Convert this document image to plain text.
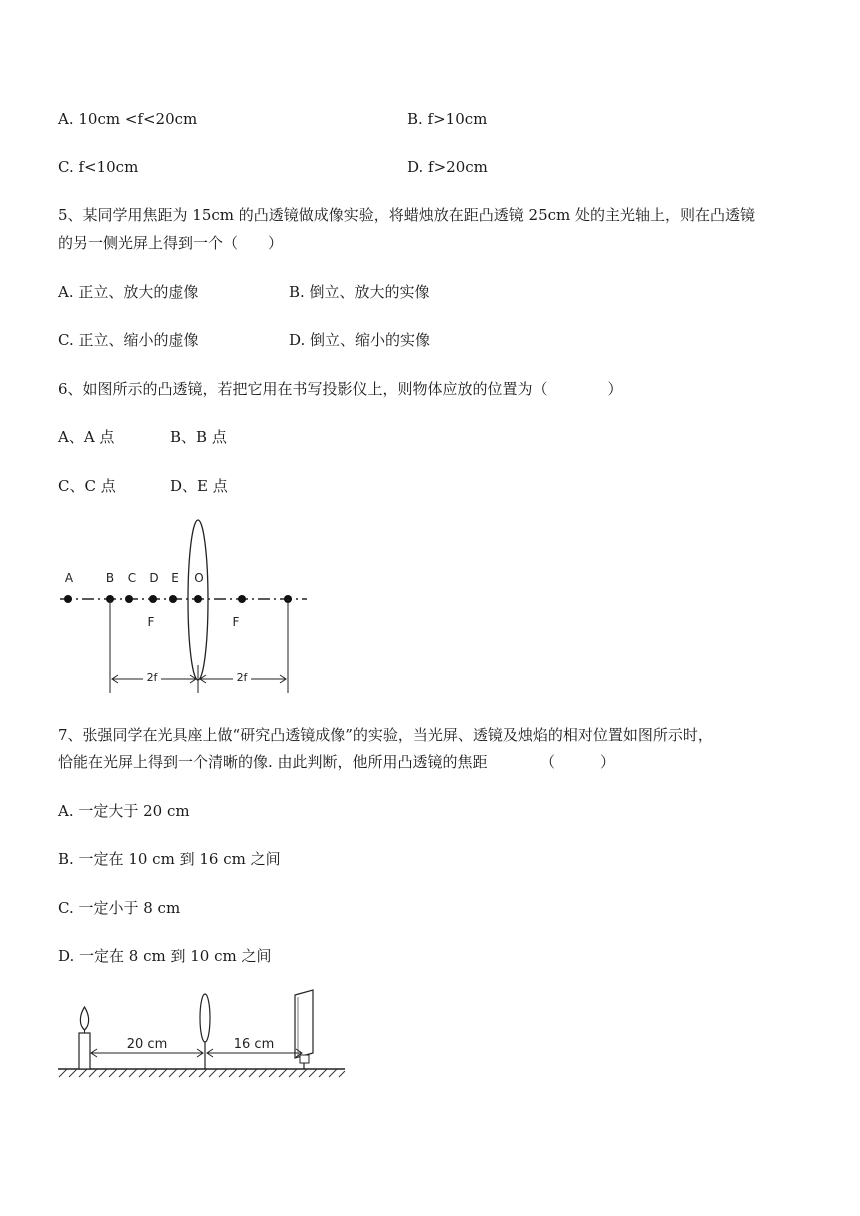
A. 10cm <f<20cm	B. f>10cm
C. f<10cm	D. f>20cm
5、某同学用焦距为 15cm 的凸透镜做成像实验，将蜡烛放在距凸透镜 25cm 处的主光轴上，则在凸透镜
的另一侧光屏上得到一个（　　）
A. 正立、放大的虚像	B. 倒立、放大的实像
C. 正立、缩小的虚像	D. 倒立、缩小的实像
6、如图所示的凸透镜，若把它用在书写投影仪上，则物体应放的位置为（　　　　）
A、A 点	B、B 点
C、C 点	D、E 点
A	B C D E O
F	F
2f	2f
7、张强同学在光具座上做“研究凸透镜成像”的实验，当光屏、透镜及烛焰的相对位置如图所示时，
恰能在光屏上得到一个清晰的像. 由此判断，他所用凸透镜的焦距　　　　（　　　）
A. 一定大于 20 cm
B. 一定在 10 cm 到 16 cm 之间
C. 一定小于 8 cm
D. 一定在 8 cm 到 10 cm 之间
20 cm	16 cm
